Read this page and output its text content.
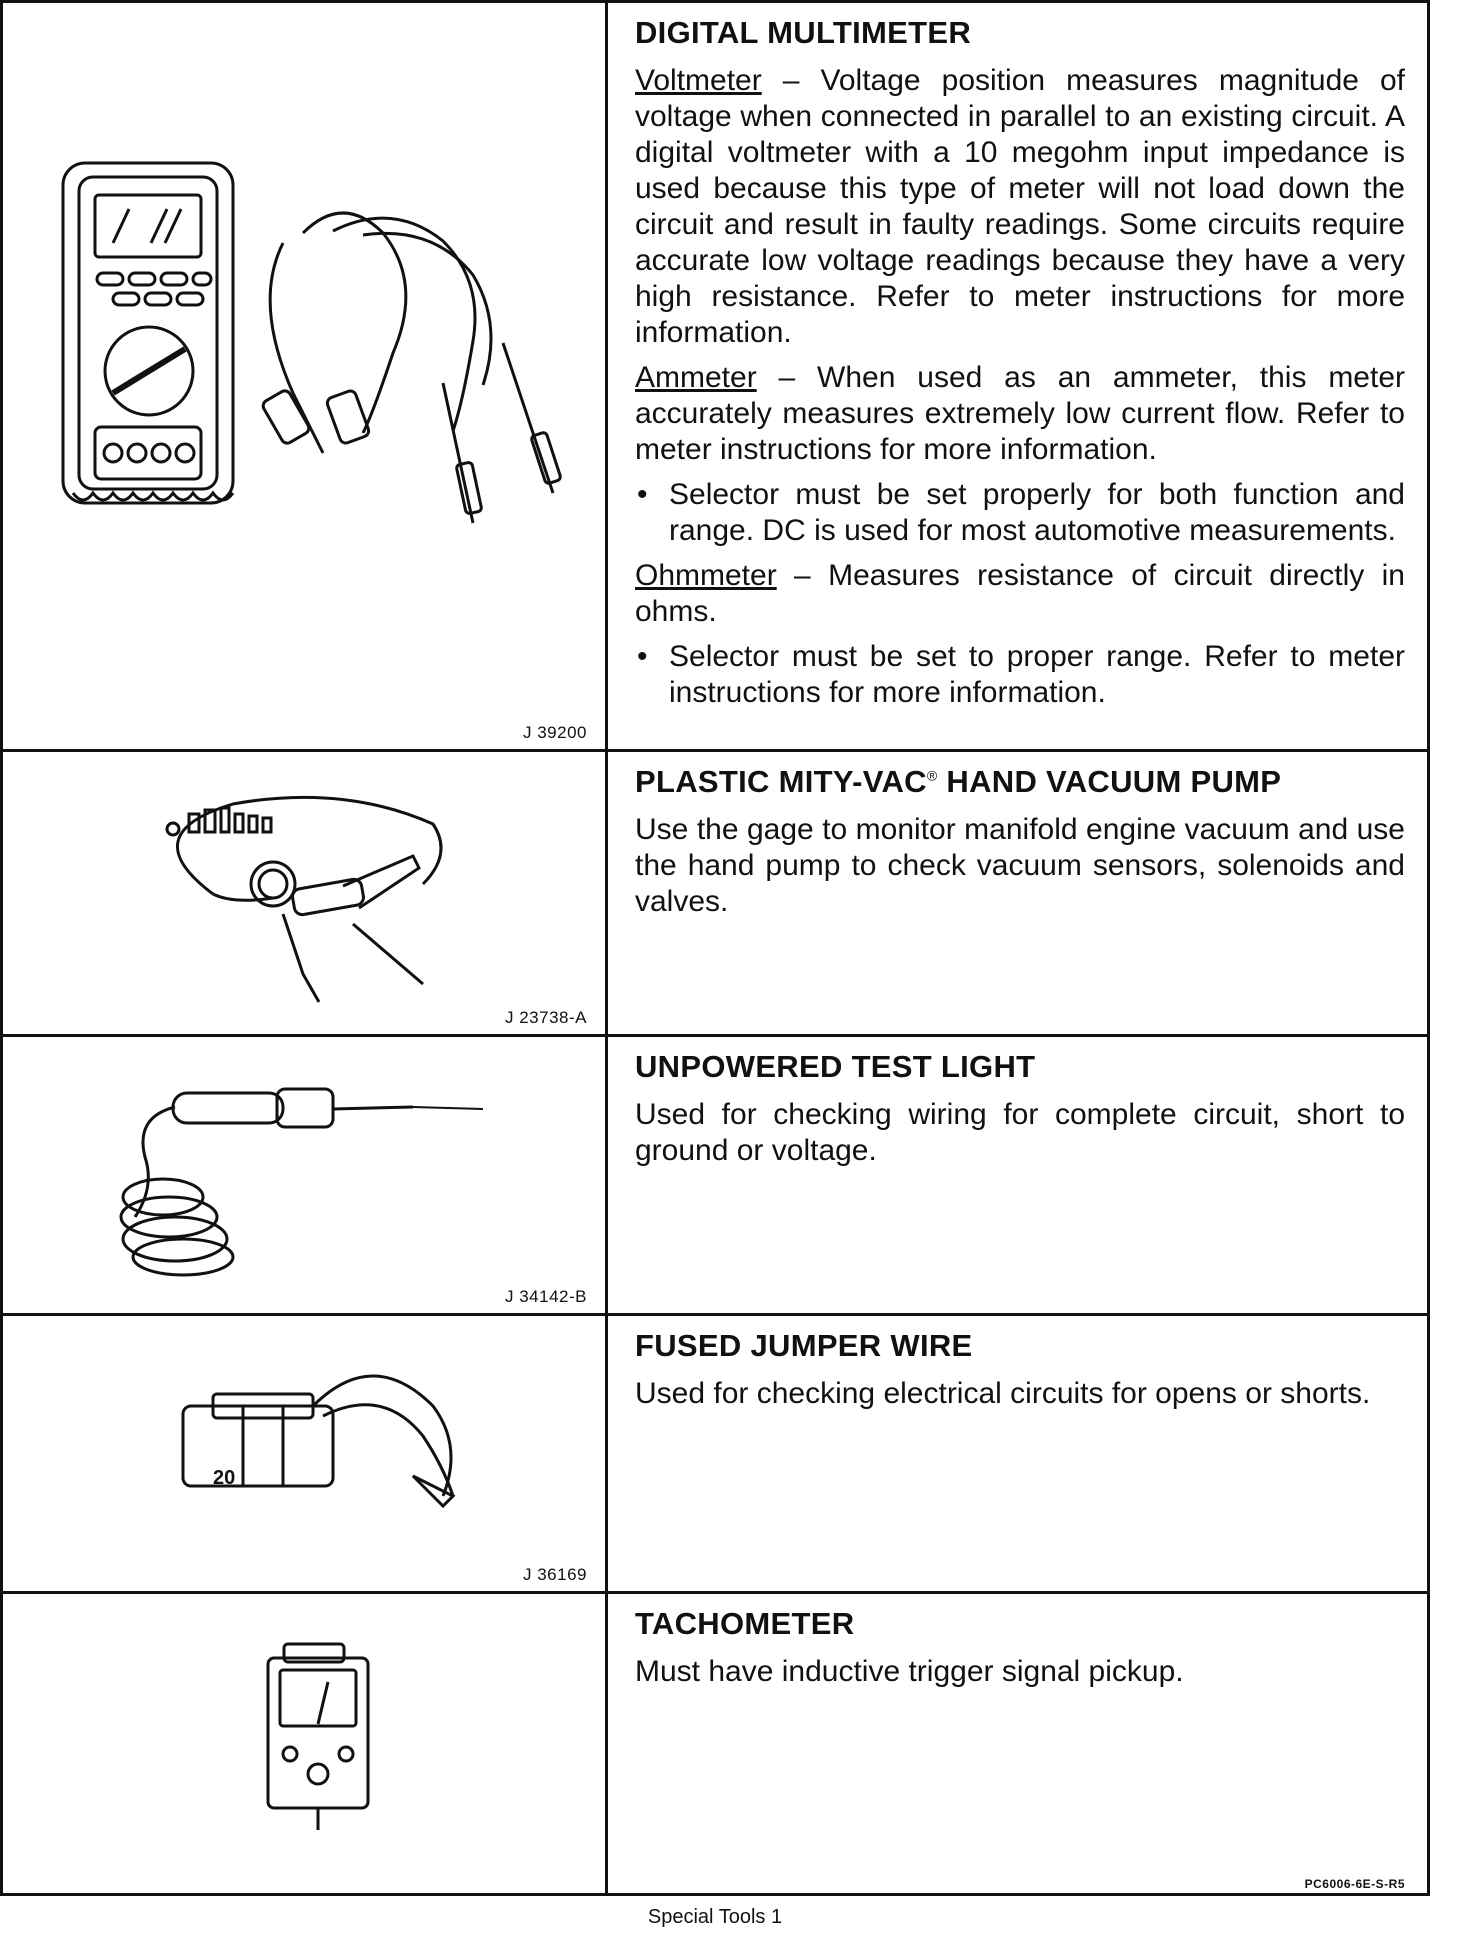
J 39200
DIGITAL MULTIMETER
Voltmeter – Voltage position measures magnitude of voltage when connected in parallel to an existing circuit. A digital voltmeter with a 10 megohm input impedance is used because this type of meter will not load down the circuit and result in faulty readings. Some circuits require accurate low voltage readings because they have a very high resistance. Refer to meter instructions for more information.
Ammeter – When used as an ammeter, this meter accurately measures extremely low current flow. Refer to meter instructions for more information.
• Selector must be set properly for both function and range. DC is used for most automotive measurements.
Ohmmeter – Measures resistance of circuit directly in ohms.
• Selector must be set to proper range. Refer to meter instructions for more information.
J 23738-A
PLASTIC MITY-VAC® HAND VACUUM PUMP
Use the gage to monitor manifold engine vacuum and use the hand pump to check vacuum sensors, solenoids and valves.
J 34142-B
UNPOWERED TEST LIGHT
Used for checking wiring for complete circuit, short to ground or voltage.
20
J 36169
FUSED JUMPER WIRE
Used for checking electrical circuits for opens or shorts.
TACHOMETER
Must have inductive trigger signal pickup.
PC6006-6E-S-R5
Special Tools 1
